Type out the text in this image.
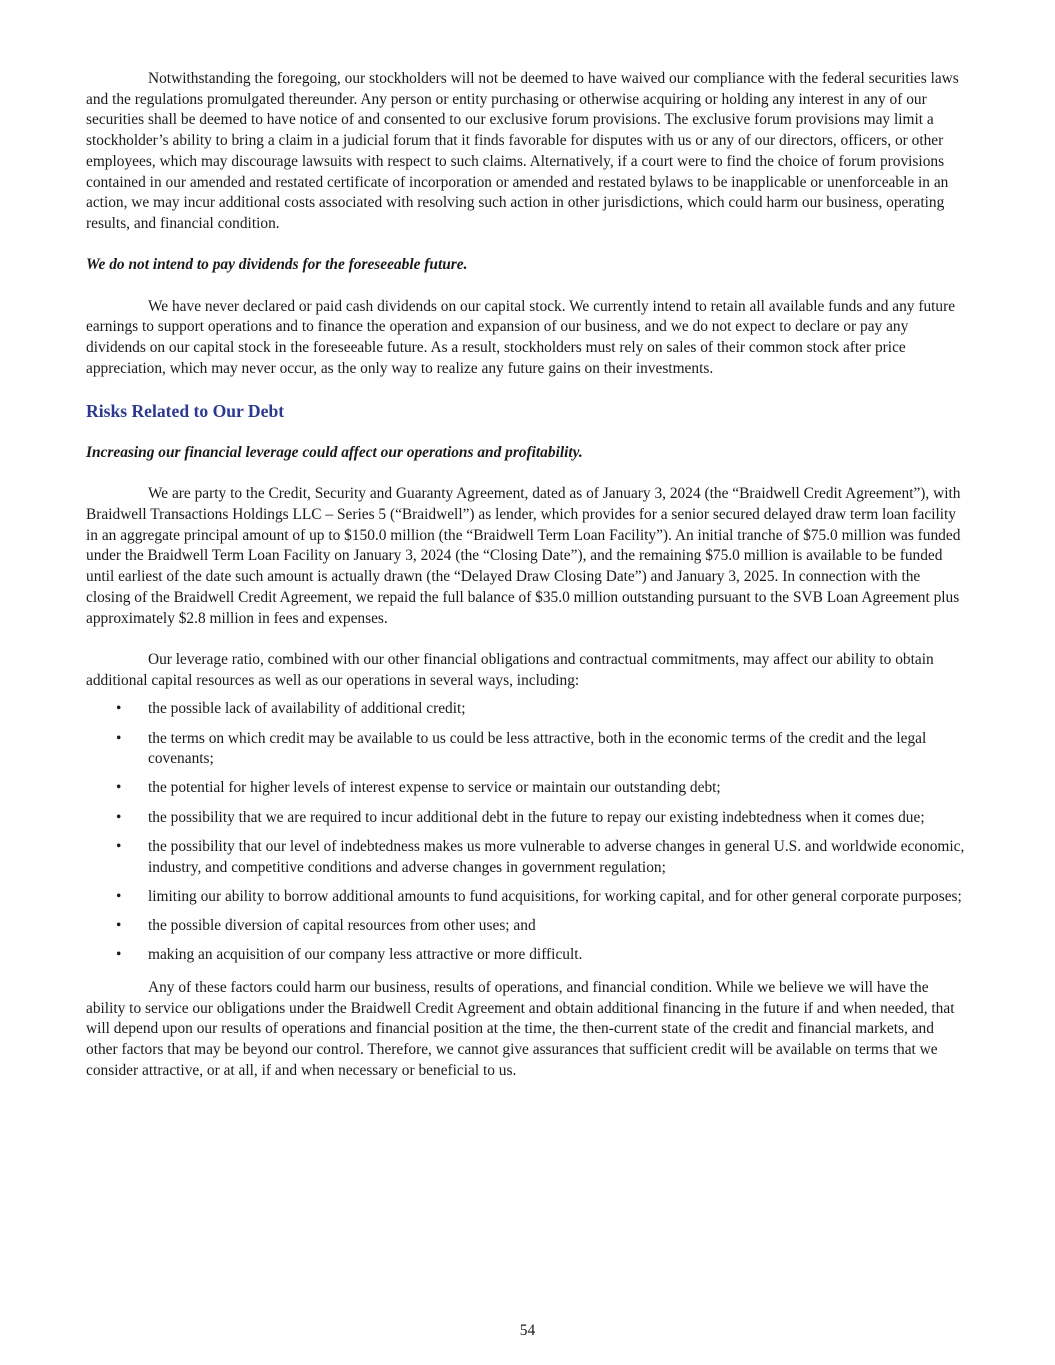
Notwithstanding the foregoing, our stockholders will not be deemed to have waived our compliance with the federal securities laws and the regulations promulgated thereunder. Any person or entity purchasing or otherwise acquiring or holding any interest in any of our securities shall be deemed to have notice of and consented to our exclusive forum provisions. The exclusive forum provisions may limit a stockholder’s ability to bring a claim in a judicial forum that it finds favorable for disputes with us or any of our directors, officers, or other employees, which may discourage lawsuits with respect to such claims. Alternatively, if a court were to find the choice of forum provisions contained in our amended and restated certificate of incorporation or amended and restated bylaws to be inapplicable or unenforceable in an action, we may incur additional costs associated with resolving such action in other jurisdictions, which could harm our business, operating results, and financial condition.

We do not intend to pay dividends for the foreseeable future.

We have never declared or paid cash dividends on our capital stock. We currently intend to retain all available funds and any future earnings to support operations and to finance the operation and expansion of our business, and we do not expect to declare or pay any dividends on our capital stock in the foreseeable future. As a result, stockholders must rely on sales of their common stock after price appreciation, which may never occur, as the only way to realize any future gains on their investments.

Risks Related to Our Debt

Increasing our financial leverage could affect our operations and profitability.

We are party to the Credit, Security and Guaranty Agreement, dated as of January 3, 2024 (the “Braidwell Credit Agreement”), with Braidwell Transactions Holdings LLC – Series 5 (“Braidwell”) as lender, which provides for a senior secured delayed draw term loan facility in an aggregate principal amount of up to $150.0 million (the “Braidwell Term Loan Facility”). An initial tranche of $75.0 million was funded under the Braidwell Term Loan Facility on January 3, 2024 (the “Closing Date”), and the remaining $75.0 million is available to be funded until earliest of the date such amount is actually drawn (the “Delayed Draw Closing Date”) and January 3, 2025. In connection with the closing of the Braidwell Credit Agreement, we repaid the full balance of $35.0 million outstanding pursuant to the SVB Loan Agreement plus approximately $2.8 million in fees and expenses.

Our leverage ratio, combined with our other financial obligations and contractual commitments, may affect our ability to obtain additional capital resources as well as our operations in several ways, including:

• the possible lack of availability of additional credit;
• the terms on which credit may be available to us could be less attractive, both in the economic terms of the credit and the legal covenants;
• the potential for higher levels of interest expense to service or maintain our outstanding debt;
• the possibility that we are required to incur additional debt in the future to repay our existing indebtedness when it comes due;
• the possibility that our level of indebtedness makes us more vulnerable to adverse changes in general U.S. and worldwide economic, industry, and competitive conditions and adverse changes in government regulation;
• limiting our ability to borrow additional amounts to fund acquisitions, for working capital, and for other general corporate purposes;
• the possible diversion of capital resources from other uses; and
• making an acquisition of our company less attractive or more difficult.

Any of these factors could harm our business, results of operations, and financial condition. While we believe we will have the ability to service our obligations under the Braidwell Credit Agreement and obtain additional financing in the future if and when needed, that will depend upon our results of operations and financial position at the time, the then-current state of the credit and financial markets, and other factors that may be beyond our control. Therefore, we cannot give assurances that sufficient credit will be available on terms that we consider attractive, or at all, if and when necessary or beneficial to us.

54
